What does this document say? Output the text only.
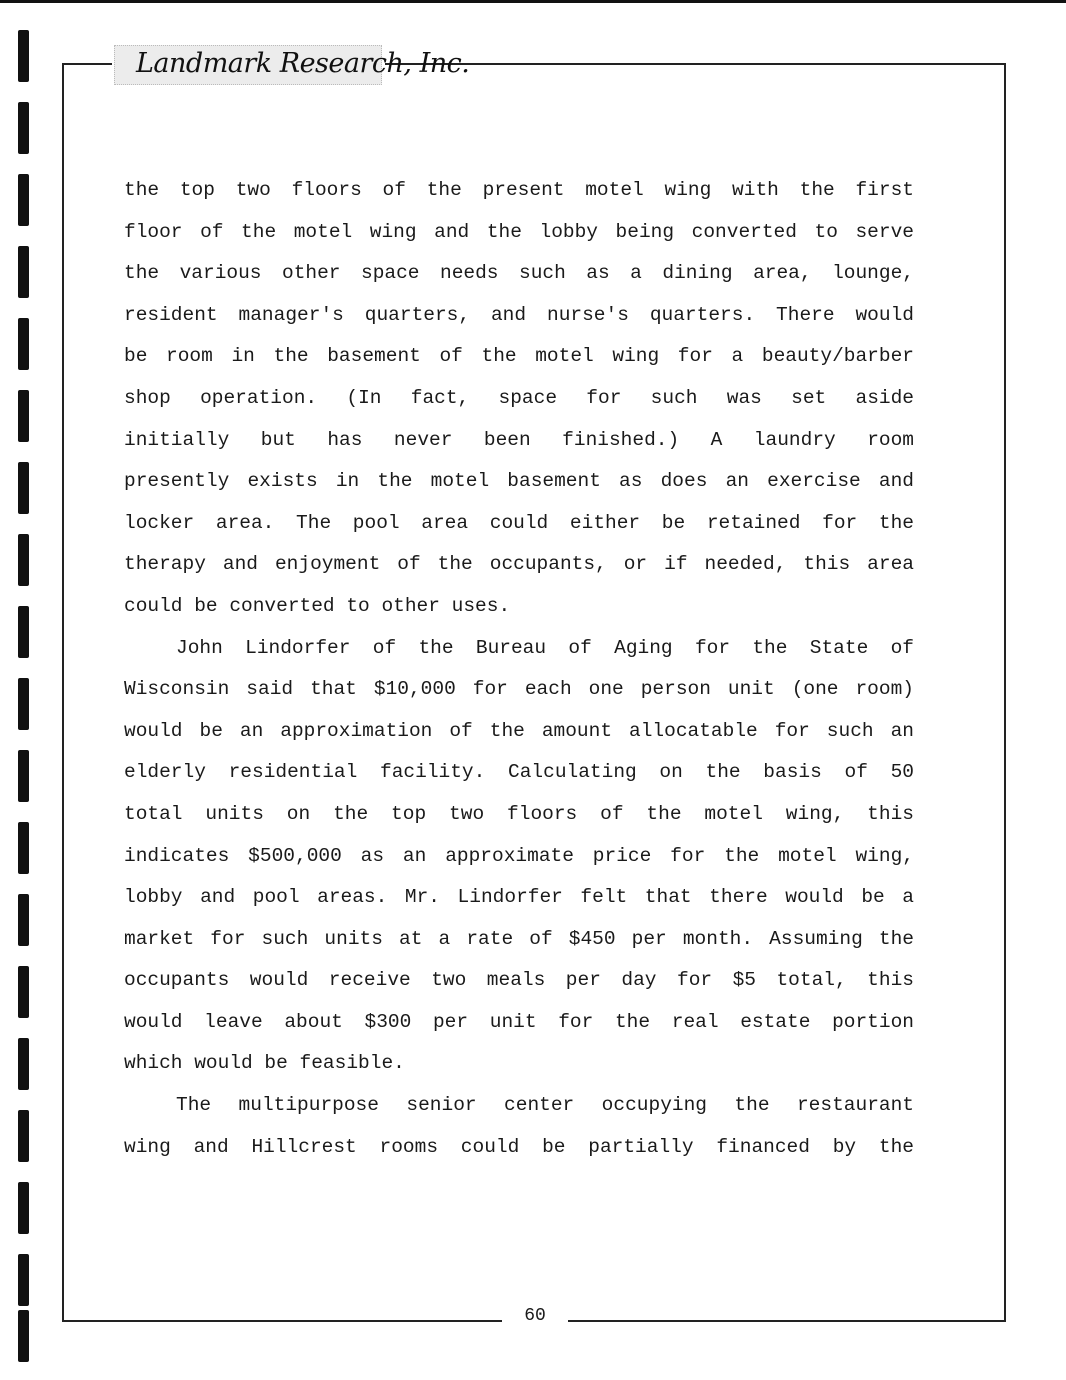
Landmark Research, Inc.
the top two floors of the present motel wing with the first
floor of the motel wing and the lobby being converted to serve
the various other space needs such as a dining area, lounge,
resident manager's quarters, and nurse's quarters. There would
be room in the basement of the motel wing for a beauty/barber
shop operation. (In fact, space for such was set aside
initially but has never been finished.) A laundry room
presently exists in the motel basement as does an exercise and
locker area. The pool area could either be retained for the
therapy and enjoyment of the occupants, or if needed, this area
could be converted to other uses.
John Lindorfer of the Bureau of Aging for the State of
Wisconsin said that $10,000 for each one person unit (one room)
would be an approximation of the amount allocatable for such an
elderly residential facility. Calculating on the basis of 50
total units on the top two floors of the motel wing, this
indicates $500,000 as an approximate price for the motel wing,
lobby and pool areas. Mr. Lindorfer felt that there would be a
market for such units at a rate of $450 per month. Assuming the
occupants would receive two meals per day for $5 total, this
would leave about $300 per unit for the real estate portion
which would be feasible.
The multipurpose senior center occupying the restaurant
wing and Hillcrest rooms could be partially financed by the
60
